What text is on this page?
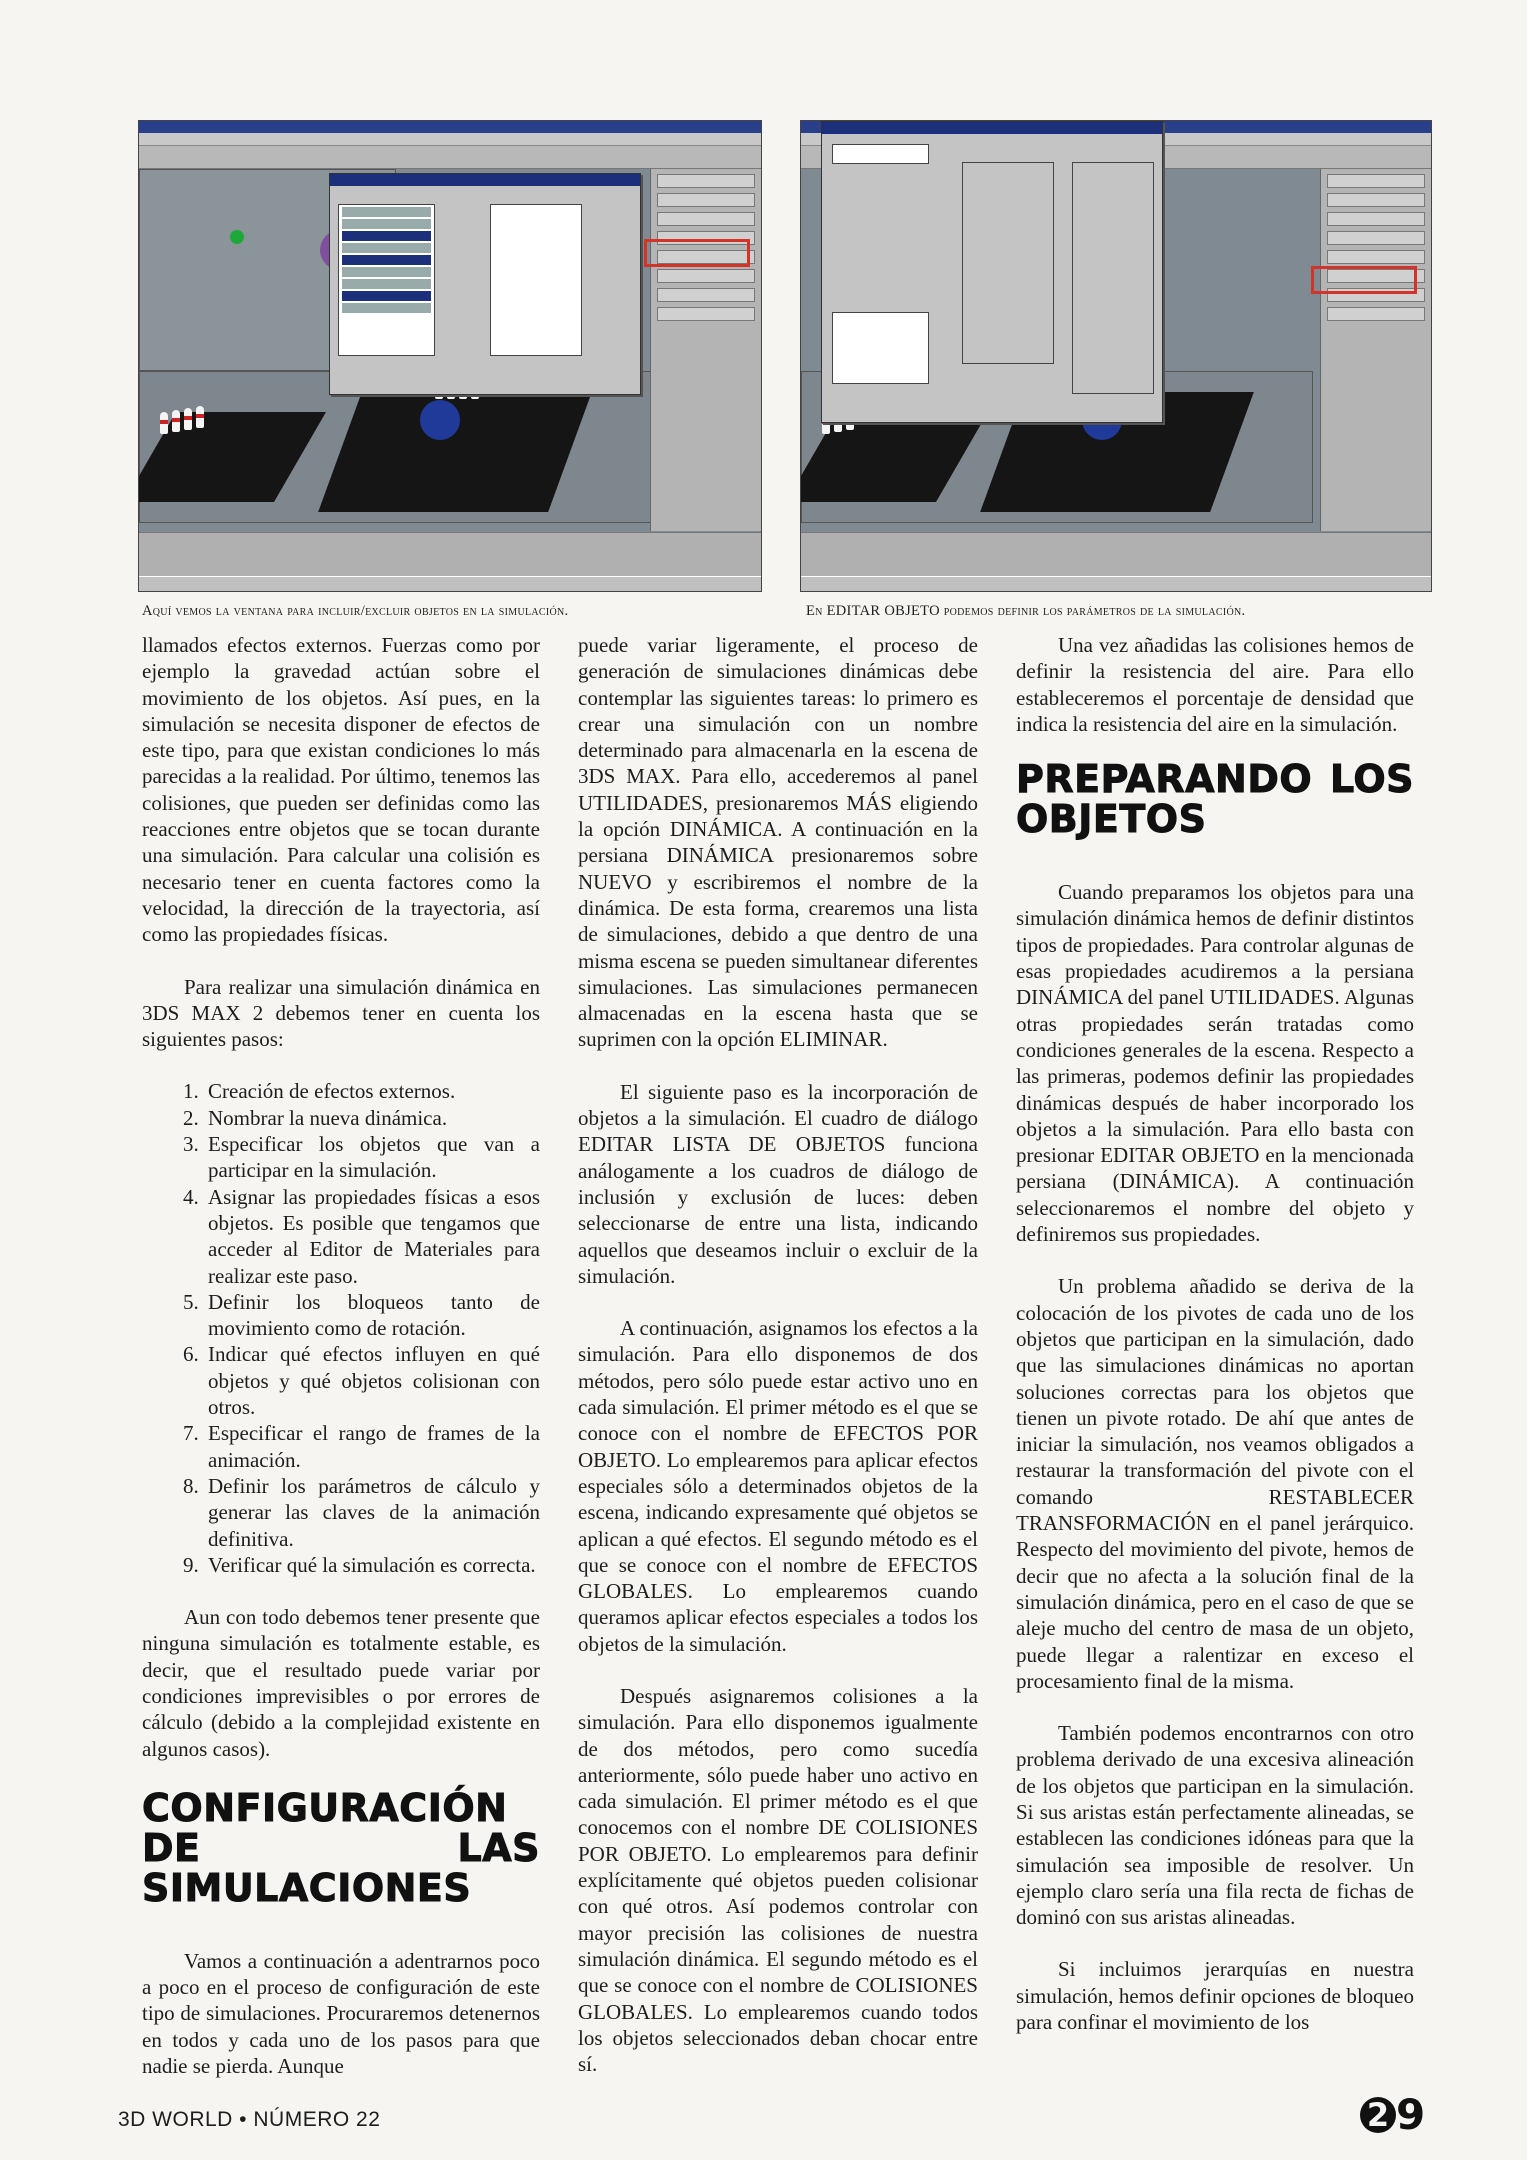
Aquí vemos la ventana para incluir/excluir objetos en la simulación.	En EDITAR OBJETO podemos definir los parámetros de la simulación.

llamados efectos externos. Fuerzas como por ejemplo la gravedad actúan sobre el movimiento de los objetos. Así pues, en la simulación se necesita disponer de efectos de este tipo, para que existan condiciones lo más parecidas a la realidad. Por último, tenemos las colisiones, que pueden ser definidas como las reacciones entre objetos que se tocan durante una simulación. Para calcular una colisión es necesario tener en cuenta factores como la velocidad, la dirección de la trayectoria, así como las propiedades físicas.

Para realizar una simulación dinámica en 3DS MAX 2 debemos tener en cuenta los siguientes pasos:

1. Creación de efectos externos.
2. Nombrar la nueva dinámica.
3. Especificar los objetos que van a participar en la simulación.
4. Asignar las propiedades físicas a esos objetos. Es posible que tengamos que acceder al Editor de Materiales para realizar este paso.
5. Definir los bloqueos tanto de movimiento como de rotación.
6. Indicar qué efectos influyen en qué objetos y qué objetos colisionan con otros.
7. Especificar el rango de frames de la animación.
8. Definir los parámetros de cálculo y generar las claves de la animación definitiva.
9. Verificar qué la simulación es correcta.

Aun con todo debemos tener presente que ninguna simulación es totalmente estable, es decir, que el resultado puede variar por condiciones imprevisibles o por errores de cálculo (debido a la complejidad existente en algunos casos).

CONFIGURACIÓN DE LAS SIMULACIONES

Vamos a continuación a adentrarnos poco a poco en el proceso de configuración de este tipo de simulaciones. Procuraremos detenernos en todos y cada uno de los pasos para que nadie se pierda. Aunque

puede variar ligeramente, el proceso de generación de simulaciones dinámicas debe contemplar las siguientes tareas: lo primero es crear una simulación con un nombre determinado para almacenarla en la escena de 3DS MAX. Para ello, accederemos al panel UTILIDADES, presionaremos MÁS eligiendo la opción DINÁMICA. A continuación en la persiana DINÁMICA presionaremos sobre NUEVO y escribiremos el nombre de la dinámica. De esta forma, crearemos una lista de simulaciones, debido a que dentro de una misma escena se pueden simultanear diferentes simulaciones. Las simulaciones permanecen almacenadas en la escena hasta que se suprimen con la opción ELIMINAR.

El siguiente paso es la incorporación de objetos a la simulación. El cuadro de diálogo EDITAR LISTA DE OBJETOS funciona análogamente a los cuadros de diálogo de inclusión y exclusión de luces: deben seleccionarse de entre una lista, indicando aquellos que deseamos incluir o excluir de la simulación.

A continuación, asignamos los efectos a la simulación. Para ello disponemos de dos métodos, pero sólo puede estar activo uno en cada simulación. El primer método es el que se conoce con el nombre de EFECTOS POR OBJETO. Lo emplearemos para aplicar efectos especiales sólo a determinados objetos de la escena, indicando expresamente qué objetos se aplican a qué efectos. El segundo método es el que se conoce con el nombre de EFECTOS GLOBALES. Lo emplearemos cuando queramos aplicar efectos especiales a todos los objetos de la simulación.

Después asignaremos colisiones a la simulación. Para ello disponemos igualmente de dos métodos, pero como sucedía anteriormente, sólo puede haber uno activo en cada simulación. El primer método es el que conocemos con el nombre DE COLISIONES POR OBJETO. Lo emplearemos para definir explícitamente qué objetos pueden colisionar con qué otros. Así podemos controlar con mayor precisión las colisiones de nuestra simulación dinámica. El segundo método es el que se conoce con el nombre de COLISIONES GLOBALES. Lo emplearemos cuando todos los objetos seleccionados deban chocar entre sí.

Una vez añadidas las colisiones hemos de definir la resistencia del aire. Para ello estableceremos el porcentaje de densidad que indica la resistencia del aire en la simulación.

PREPARANDO LOS OBJETOS

Cuando preparamos los objetos para una simulación dinámica hemos de definir distintos tipos de propiedades. Para controlar algunas de esas propiedades acudiremos a la persiana DINÁMICA del panel UTILIDADES. Algunas otras propiedades serán tratadas como condiciones generales de la escena. Respecto a las primeras, podemos definir las propiedades dinámicas después de haber incorporado los objetos a la simulación. Para ello basta con presionar EDITAR OBJETO en la mencionada persiana (DINÁMICA). A continuación seleccionaremos el nombre del objeto y definiremos sus propiedades.

Un problema añadido se deriva de la colocación de los pivotes de cada uno de los objetos que participan en la simulación, dado que las simulaciones dinámicas no aportan soluciones correctas para los objetos que tienen un pivote rotado. De ahí que antes de iniciar la simulación, nos veamos obligados a restaurar la transformación del pivote con el comando RESTABLECER TRANSFORMACIÓN en el panel jerárquico. Respecto del movimiento del pivote, hemos de decir que no afecta a la solución final de la simulación dinámica, pero en el caso de que se aleje mucho del centro de masa de un objeto, puede llegar a ralentizar en exceso el procesamiento final de la misma.

También podemos encontrarnos con otro problema derivado de una excesiva alineación de los objetos que participan en la simulación. Si sus aristas están perfectamente alineadas, se establecen las condiciones idóneas para que la simulación sea imposible de resolver. Un ejemplo claro sería una fila recta de fichas de dominó con sus aristas alineadas.

Si incluimos jerarquías en nuestra simulación, hemos definir opciones de bloqueo para confinar el movimiento de los

3D WORLD • NÚMERO 22	2 9
